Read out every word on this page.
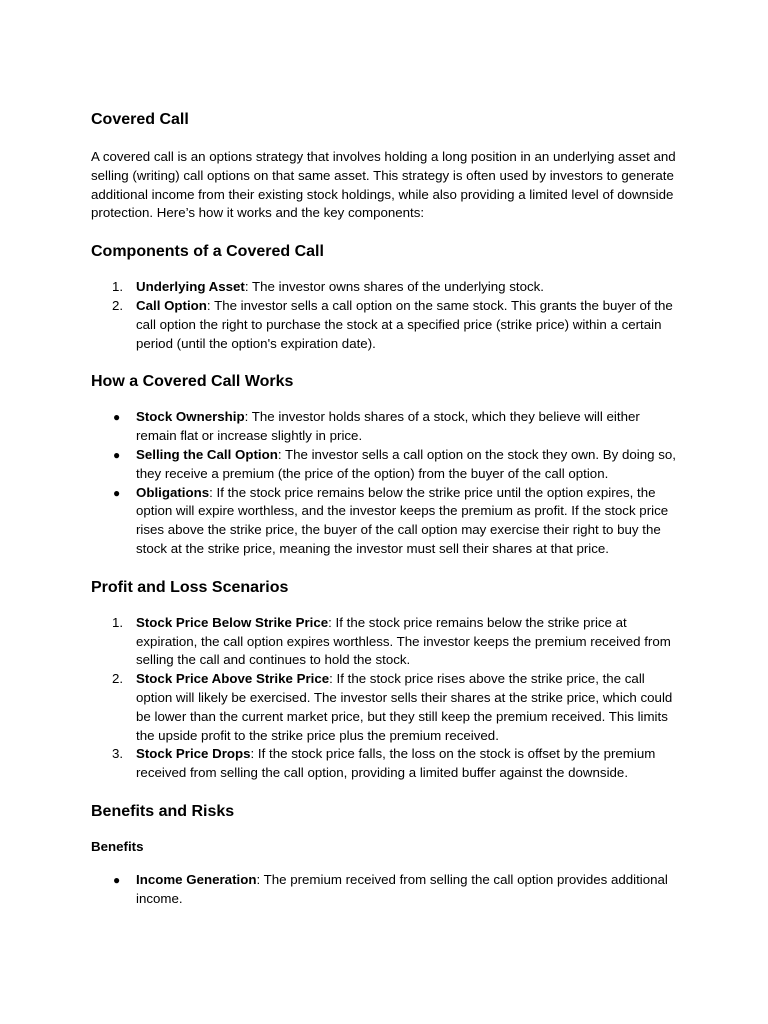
Covered Call

A covered call is an options strategy that involves holding a long position in an underlying asset and selling (writing) call options on that same asset. This strategy is often used by investors to generate additional income from their existing stock holdings, while also providing a limited level of downside protection. Here’s how it works and the key components:

Components of a Covered Call
1. Underlying Asset: The investor owns shares of the underlying stock.
2. Call Option: The investor sells a call option on the same stock. This grants the buyer of the call option the right to purchase the stock at a specified price (strike price) within a certain period (until the option's expiration date).
How a Covered Call Works
●	Stock Ownership: The investor holds shares of a stock, which they believe will either remain flat or increase slightly in price.
●	Selling the Call Option: The investor sells a call option on the stock they own. By doing so, they receive a premium (the price of the option) from the buyer of the call option.
●	Obligations: If the stock price remains below the strike price until the option expires, the option will expire worthless, and the investor keeps the premium as profit. If the stock price rises above the strike price, the buyer of the call option may exercise their right to buy the stock at the strike price, meaning the investor must sell their shares at that price.
Profit and Loss Scenarios
1. Stock Price Below Strike Price: If the stock price remains below the strike price at expiration, the call option expires worthless. The investor keeps the premium received from selling the call and continues to hold the stock.
2. Stock Price Above Strike Price: If the stock price rises above the strike price, the call option will likely be exercised. The investor sells their shares at the strike price, which could be lower than the current market price, but they still keep the premium received. This limits the upside profit to the strike price plus the premium received.
3. Stock Price Drops: If the stock price falls, the loss on the stock is offset by the premium received from selling the call option, providing a limited buffer against the downside.
Benefits and Risks
Benefits
●	Income Generation: The premium received from selling the call option provides additional income.
